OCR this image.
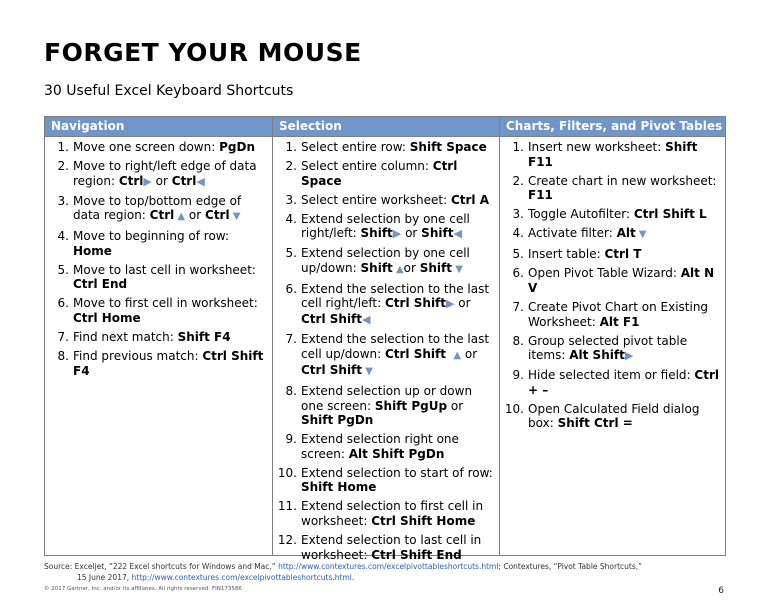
FORGET YOUR MOUSE
30 Useful Excel Keyboard Shortcuts
Navigation
1. Move one screen down: PgDn
2. Move to right/left edge of data region: Ctrl▶ or Ctrl◀
3. Move to top/bottom edge of data region: Ctrl ▲ or Ctrl ▼
4. Move to beginning of row: Home
5. Move to last cell in worksheet: Ctrl End
6. Move to first cell in worksheet: Ctrl Home
7. Find next match: Shift F4
8. Find previous match: Ctrl Shift F4
Selection
1. Select entire row: Shift Space
2. Select entire column: Ctrl Space
3. Select entire worksheet: Ctrl A
4. Extend selection by one cell right/left: Shift▶ or Shift◀
5. Extend selection by one cell up/down: Shift ▲or Shift ▼
6. Extend the selection to the last cell right/left: Ctrl Shift▶ or Ctrl Shift◀
7. Extend the selection to the last cell up/down: Ctrl Shift  ▲ or Ctrl Shift ▼
8. Extend selection up or down one screen: Shift PgUp or Shift PgDn
9. Extend selection right one screen: Alt Shift PgDn
10. Extend selection to start of row: Shift Home
11. Extend selection to first cell in worksheet: Ctrl Shift Home
12. Extend selection to last cell in worksheet: Ctrl Shift End
Charts, Filters, and Pivot Tables
1. Insert new worksheet: Shift F11
2. Create chart in new worksheet: F11
3. Toggle Autofilter: Ctrl Shift L
4. Activate filter: Alt ▼
5. Insert table: Ctrl T
6. Open Pivot Table Wizard: Alt N V
7. Create Pivot Chart on Existing Worksheet: Alt F1
8. Group selected pivot table items: Alt Shift▶
9. Hide selected item or field: Ctrl + –
10. Open Calculated Field dialog box: Shift Ctrl =
Source: Exceljet, “222 Excel shortcuts for Windows and Mac,” http://www.contextures.com/excelpivottableshortcuts.html; Contextures, “Pivot Table Shortcuts,”
15 June 2017, http://www.contextures.com/excelpivottableshortcuts.html.
© 2017 Gartner, Inc. and/or its affiliates. All rights reserved. FIN173586	6
